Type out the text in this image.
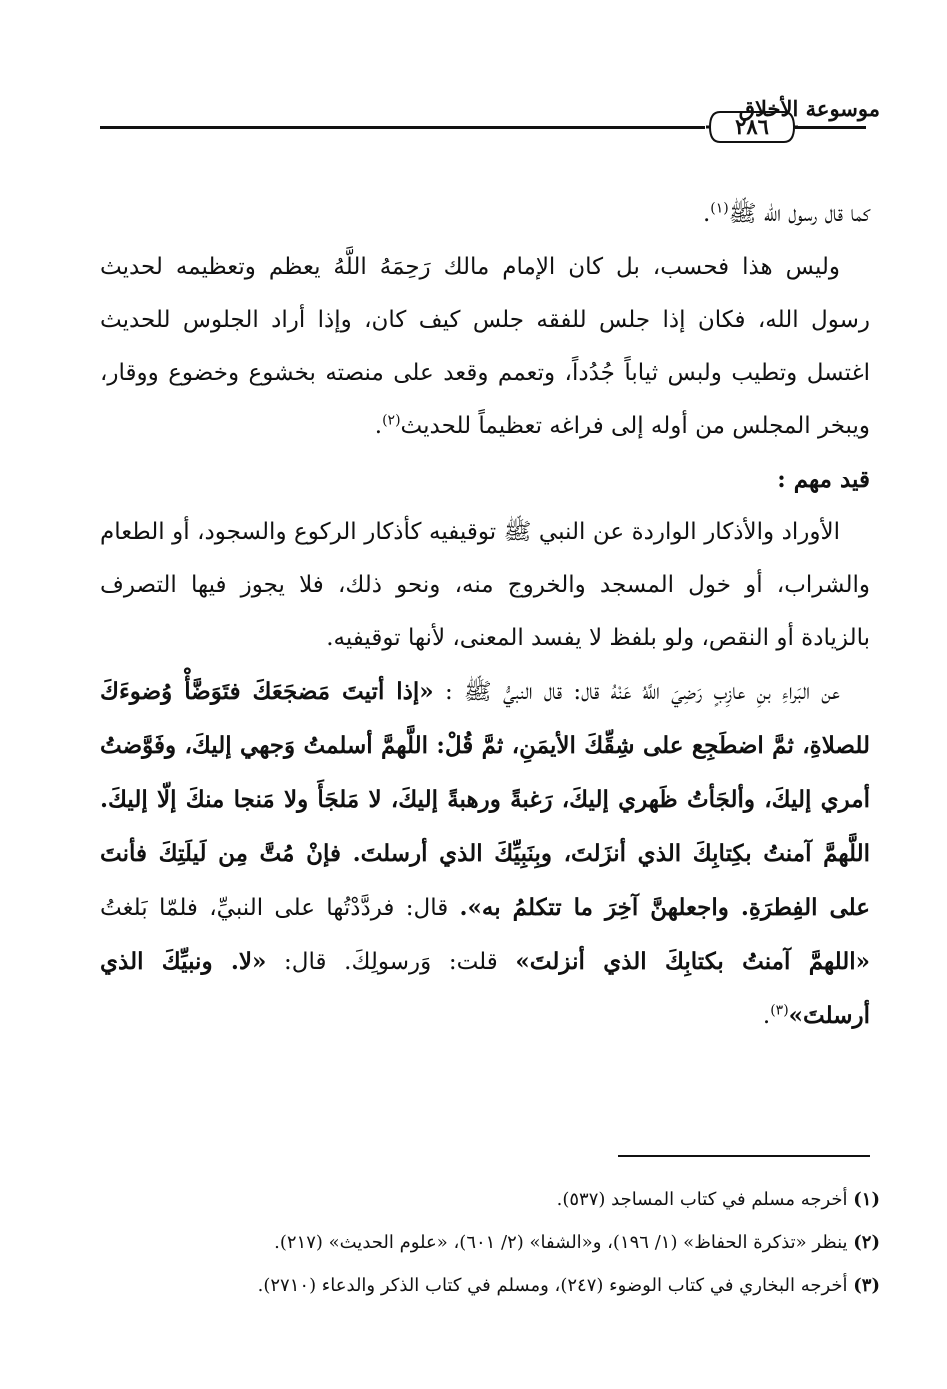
موسوعة الأخلاق
٢٨٦

كما قال رسول الله ﷺ$^{(١)}$.

وليس هذا فحسب، بل كان الإمام مالك رَحِمَهُ اللَّهُ يعظم وتعظيمه لحديث رسول الله، فكان إذا جلس للفقه جلس كيف كان، وإذا أراد الجلوس للحديث اغتسل وتطيب ولبس ثياباً جُدُداً، وتعمم وقعد على منصته بخشوع وخضوع ووقار، ويبخر المجلس من أوله إلى فراغه تعظيماً للحديث$^{(٢)}$.

قيد مهم :

الأوراد والأذكار الواردة عن النبي ﷺ توقيفيه كأذكار الركوع والسجود، أو الطعام والشراب، أو خول المسجد والخروج منه، ونحو ذلك، فلا يجوز فيها التصرف بالزيادة أو النقص، ولو بلفظ لا يفسد المعنى، لأنها توقيفيه.

عن البَراءِ بنِ عازِبٍ رَضِيَ اللَّهُ عَنْهُ قال: قال النبيُّ ﷺ : «إذا أتيتَ مَضجَعَكَ فتَوَضَّأْ وُضوءَكَ للصلاةِ، ثمَّ اضطَجِع على شِقِّكَ الأيمَنِ، ثمَّ قُلْ: اللَّهمَّ أسلمتُ وَجهي إليكَ، وفَوَّضتُ أمري إليكَ، وألجَأتُ ظَهري إليكَ، رَغبةً ورهبةً إليكَ، لا مَلجَأَ ولا مَنجا منكَ إلّا إليكَ. اللَّهمَّ آمنتُ بكِتابِكَ الذي أنزَلتَ، وبِنَبِيِّكَ الذي أرسلتَ. فإنْ مُتَّ مِن لَيلَتِكَ فأنتَ على الفِطرَةِ. واجعلهنَّ آخِرَ ما تتكلمُ به». قال: فردَّدْتُها على النبيِّ، فلمّا بَلغتُ «اللهمَّ آمنتُ بكتابِكَ الذي أنزلتَ» قلت: وَرسولِكَ. قال: «لا. ونبيِّكَ الذي أرسلتَ»$^{(٣)}$.

(١) أخرجه مسلم في كتاب المساجد (٥٣٧).
(٢) ينظر «تذكرة الحفاظ» (١/ ١٩٦)، و«الشفا» (٢/ ٦٠١)، «علوم الحديث» (٢١٧).
(٣) أخرجه البخاري في كتاب الوضوء (٢٤٧)، ومسلم في كتاب الذكر والدعاء (٢٧١٠).
